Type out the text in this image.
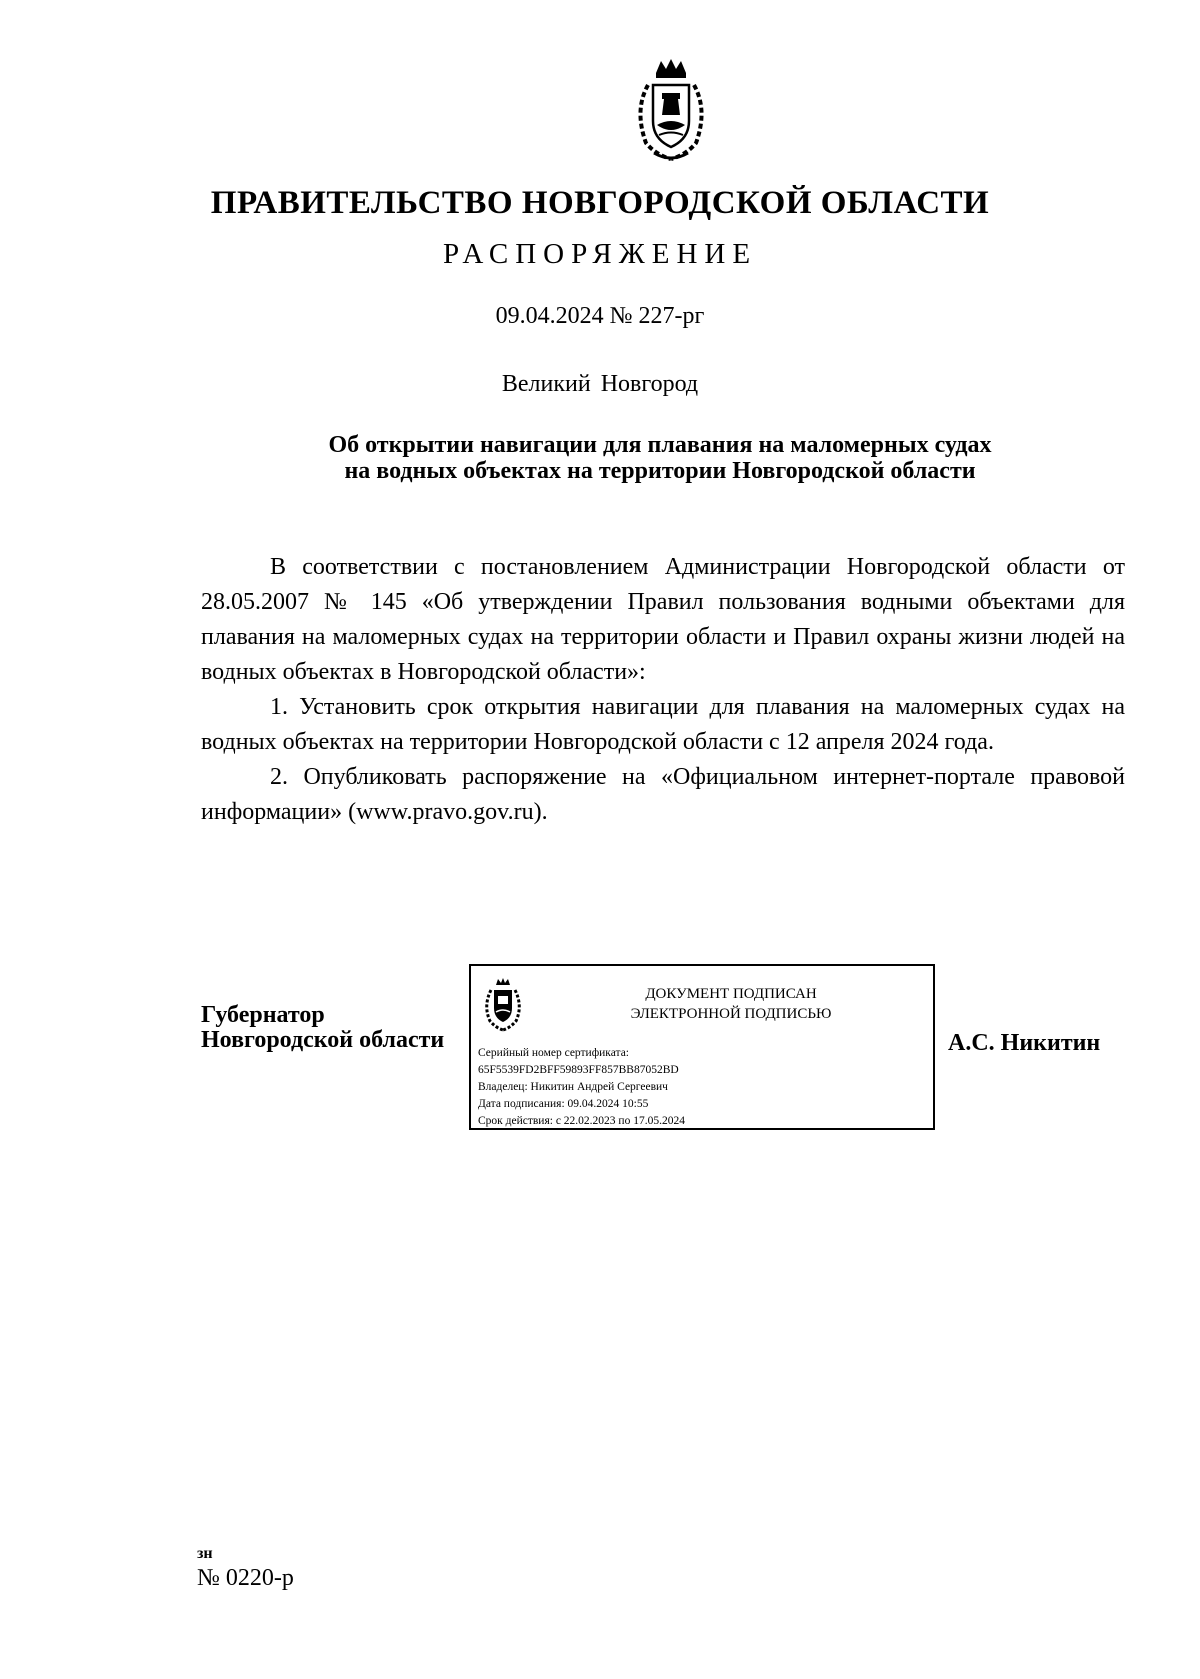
ПРАВИТЕЛЬСТВО НОВГОРОДСКОЙ ОБЛАСТИ
РАСПОРЯЖЕНИЕ
09.04.2024 № 227-рг
Великий Новгород
Об открытии навигации для плавания на маломерных судах
на водных объектах на территории Новгородской области

В соответствии с постановлением Администрации Новгородской области от 28.05.2007 № 145 «Об утверждении Правил пользования водными объектами для плавания на маломерных судах на территории области и Правил охраны жизни людей на водных объектах в Новгородской области»:

1. Установить срок открытия навигации для плавания на маломерных судах на водных объектах на территории Новгородской области с 12 апреля 2024 года.

2. Опубликовать распоряжение на «Официальном интернет-портале правовой информации» (www.pravo.gov.ru).

Губернатор
Новгородской области
ДОКУМЕНТ ПОДПИСАН
ЭЛЕКТРОННОЙ ПОДПИСЬЮ
Серийный номер сертификата:
65F5539FD2BFF59893FF857BB87052BD
Владелец: Никитин Андрей Сергеевич
Дата подписания: 09.04.2024 10:55
Срок действия: с 22.02.2023 по 17.05.2024
А.С. Никитин
зн
№ 0220-р
